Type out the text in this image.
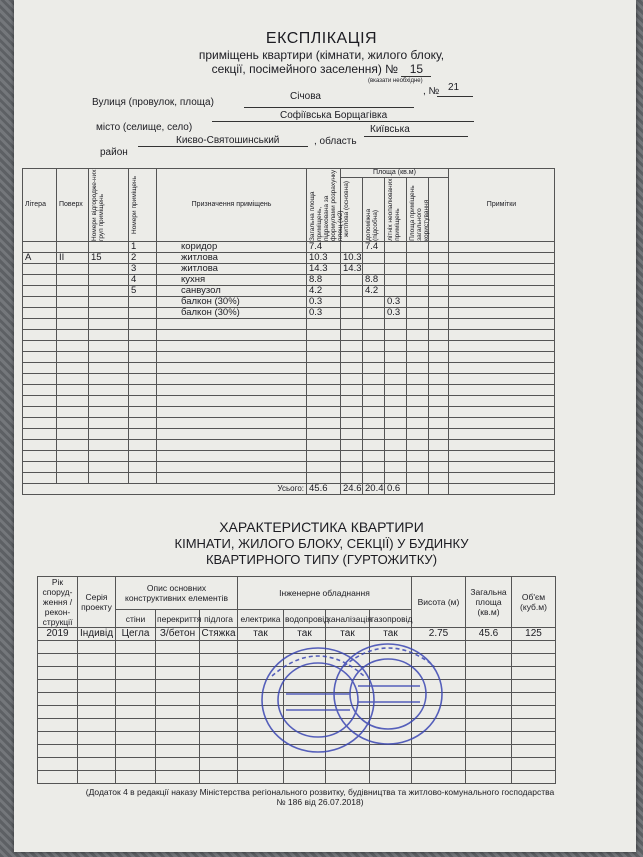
ЕКСПЛІКАЦІЯ
приміщень квартири (кімнати, жилого блоку,
секції, посімейного заселення) № 15
(вказати необхідне)
Вулиця (провулок, площа)
Січова	, № 21
місто (селище, село)
Софіївська Борщагівка
район
Києво-Святошинський	, область
Київська
Літера	Поверх	Номери відгородже-них груп приміщень	Номери приміщень	Призначення приміщень	Загальна площа приміщень, підрахована за формулами розрахунку площ (м2)	Площа (кв.м)					Примітки

						житлова (основна)	допоміжна (підсобна)	літніх неопалюваних приміщень	Площа приміщень загального користування		

			1	коридор	7.4		7.4				
А	II	15	2	житлова	10.3	10.3					
			3	житлова	14.3	14.3					
			4	кухня	8.8		8.8				
			5	санвузол	4.2		4.2				
				балкон (30%)	0.3			0.3			
				балкон (30%)	0.3			0.3			

Усього:					45.6	24.6	20.4	0.6			
ХАРАКТЕРИСТИКА КВАРТИРИ
КІМНАТИ, ЖИЛОГО БЛОКУ, СЕКЦІЇ) У БУДИНКУ
КВАРТИРНОГО ТИПУ (ГУРТОЖИТКУ)
Рік споруд-ження / рекон-струкції	Серія проекту	Опис основних конструктивних елементів			Інженерне обладнання				Висота (м)	Загальна площа (кв.м)	Об'єм (куб.м)
		стіни	перекриття	підлога	електрика	водопровід	каналізація	газопровід			
2019	Індивід	Цегла	З/бетон	Стяжка	так	так	так	так	2.75	45.6	125

(Додаток 4 в редакції наказу Міністерства регіонального розвитку, будівництва та житлово-комунального господарства
№ 186 від 26.07.2018)
